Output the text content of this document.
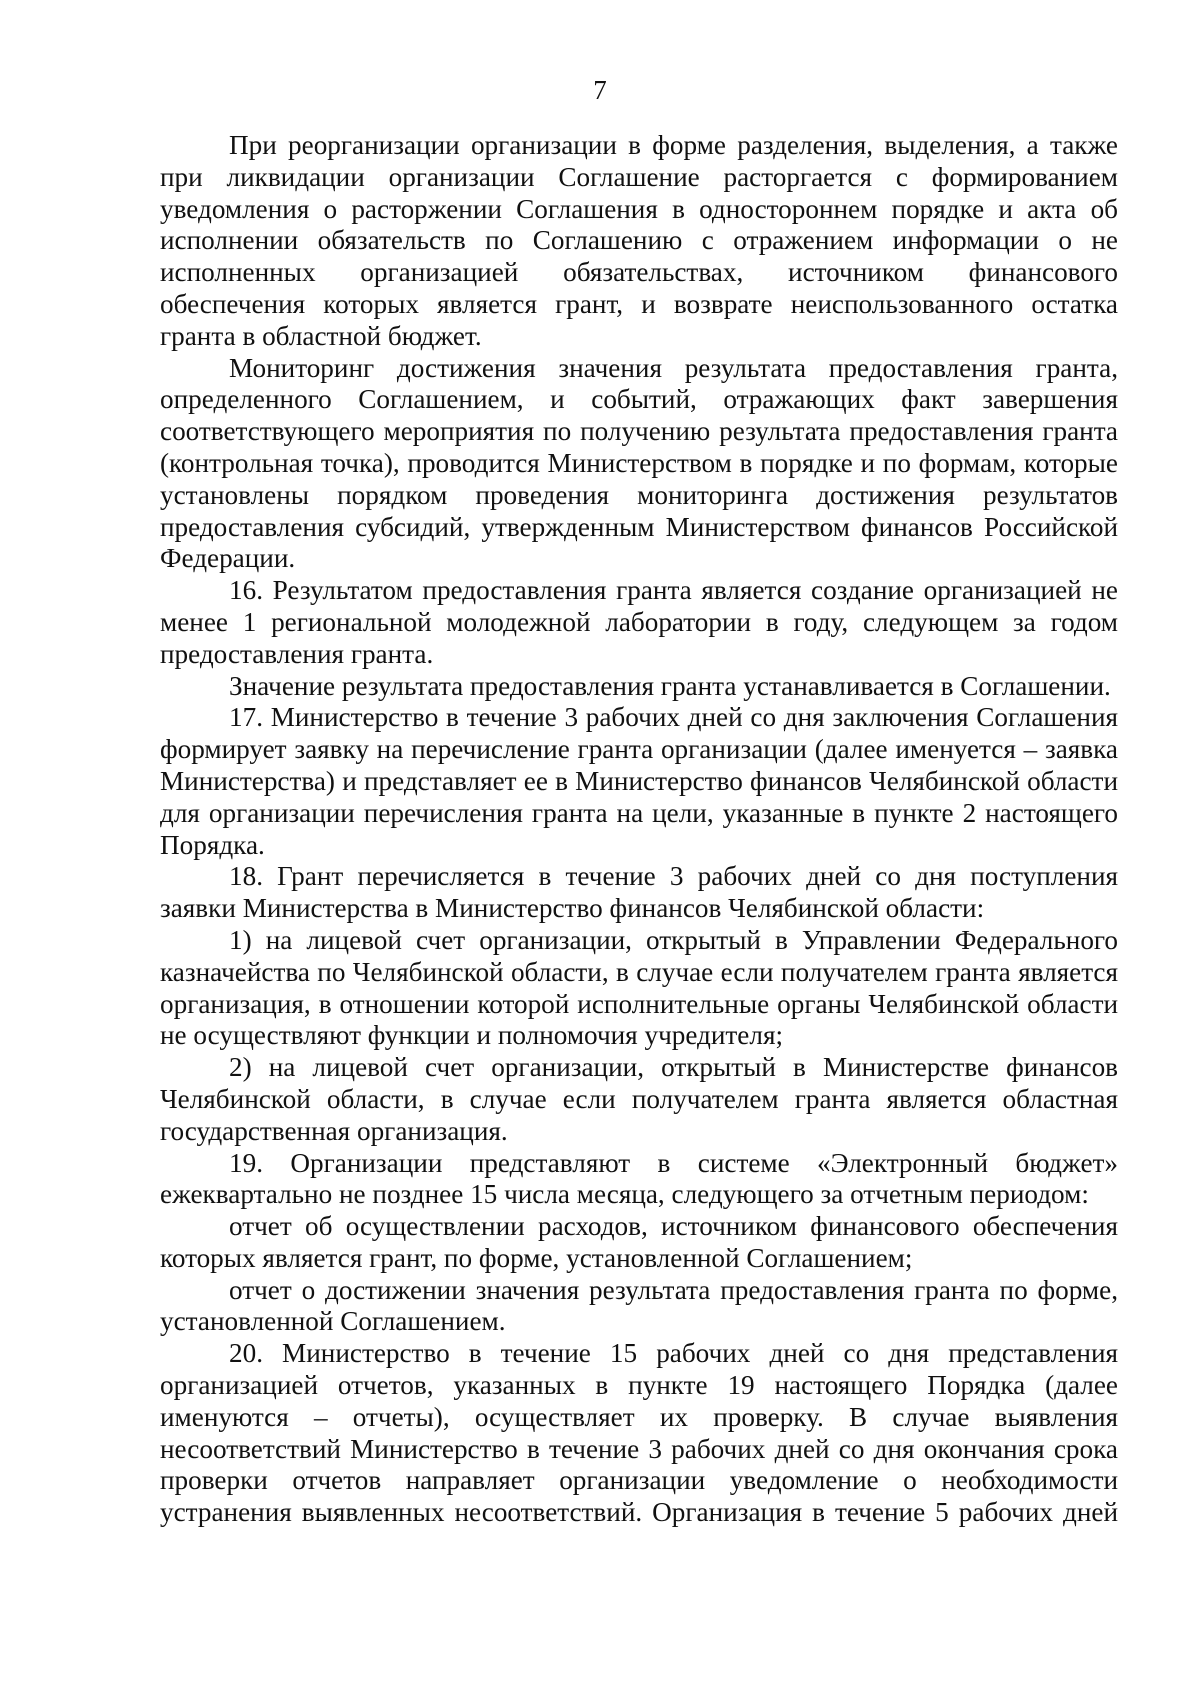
7

При реорганизации организации в форме разделения, выделения, а также при ликвидации организации Соглашение расторгается с формированием уведомления о расторжении Соглашения в одностороннем порядке и акта об исполнении обязательств по Соглашению с отражением информации о не исполненных организацией обязательствах, источником финансового обеспечения которых является грант, и возврате неиспользованного остатка гранта в областной бюджет.

Мониторинг достижения значения результата предоставления гранта, определенного Соглашением, и событий, отражающих факт завершения соответствующего мероприятия по получению результата предоставления гранта (контрольная точка), проводится Министерством в порядке и по формам, которые установлены порядком проведения мониторинга достижения результатов предоставления субсидий, утвержденным Министерством финансов Российской Федерации.

16. Результатом предоставления гранта является создание организацией не менее 1 региональной молодежной лаборатории в году, следующем за годом предоставления гранта.

Значение результата предоставления гранта устанавливается в Соглашении.

17. Министерство в течение 3 рабочих дней со дня заключения Соглашения формирует заявку на перечисление гранта организации (далее именуется – заявка Министерства) и представляет ее в Министерство финансов Челябинской области для организации перечисления гранта на цели, указанные в пункте 2 настоящего Порядка.

18. Грант перечисляется в течение 3 рабочих дней со дня поступления заявки Министерства в Министерство финансов Челябинской области:

1) на лицевой счет организации, открытый в Управлении Федерального казначейства по Челябинской области, в случае если получателем гранта является организация, в отношении которой исполнительные органы Челябинской области не осуществляют функции и полномочия учредителя;

2) на лицевой счет организации, открытый в Министерстве финансов Челябинской области, в случае если получателем гранта является областная государственная организация.

19. Организации представляют в системе «Электронный бюджет» ежеквартально не позднее 15 числа месяца, следующего за отчетным периодом:

отчет об осуществлении расходов, источником финансового обеспечения которых является грант, по форме, установленной Соглашением;

отчет о достижении значения результата предоставления гранта по форме, установленной Соглашением.

20. Министерство в течение 15 рабочих дней со дня представления организацией отчетов, указанных в пункте 19 настоящего Порядка (далее именуются – отчеты), осуществляет их проверку. В случае выявления несоответствий Министерство в течение 3 рабочих дней со дня окончания срока проверки отчетов направляет организации уведомление о необходимости устранения выявленных несоответствий. Организация в течение 5 рабочих дней
